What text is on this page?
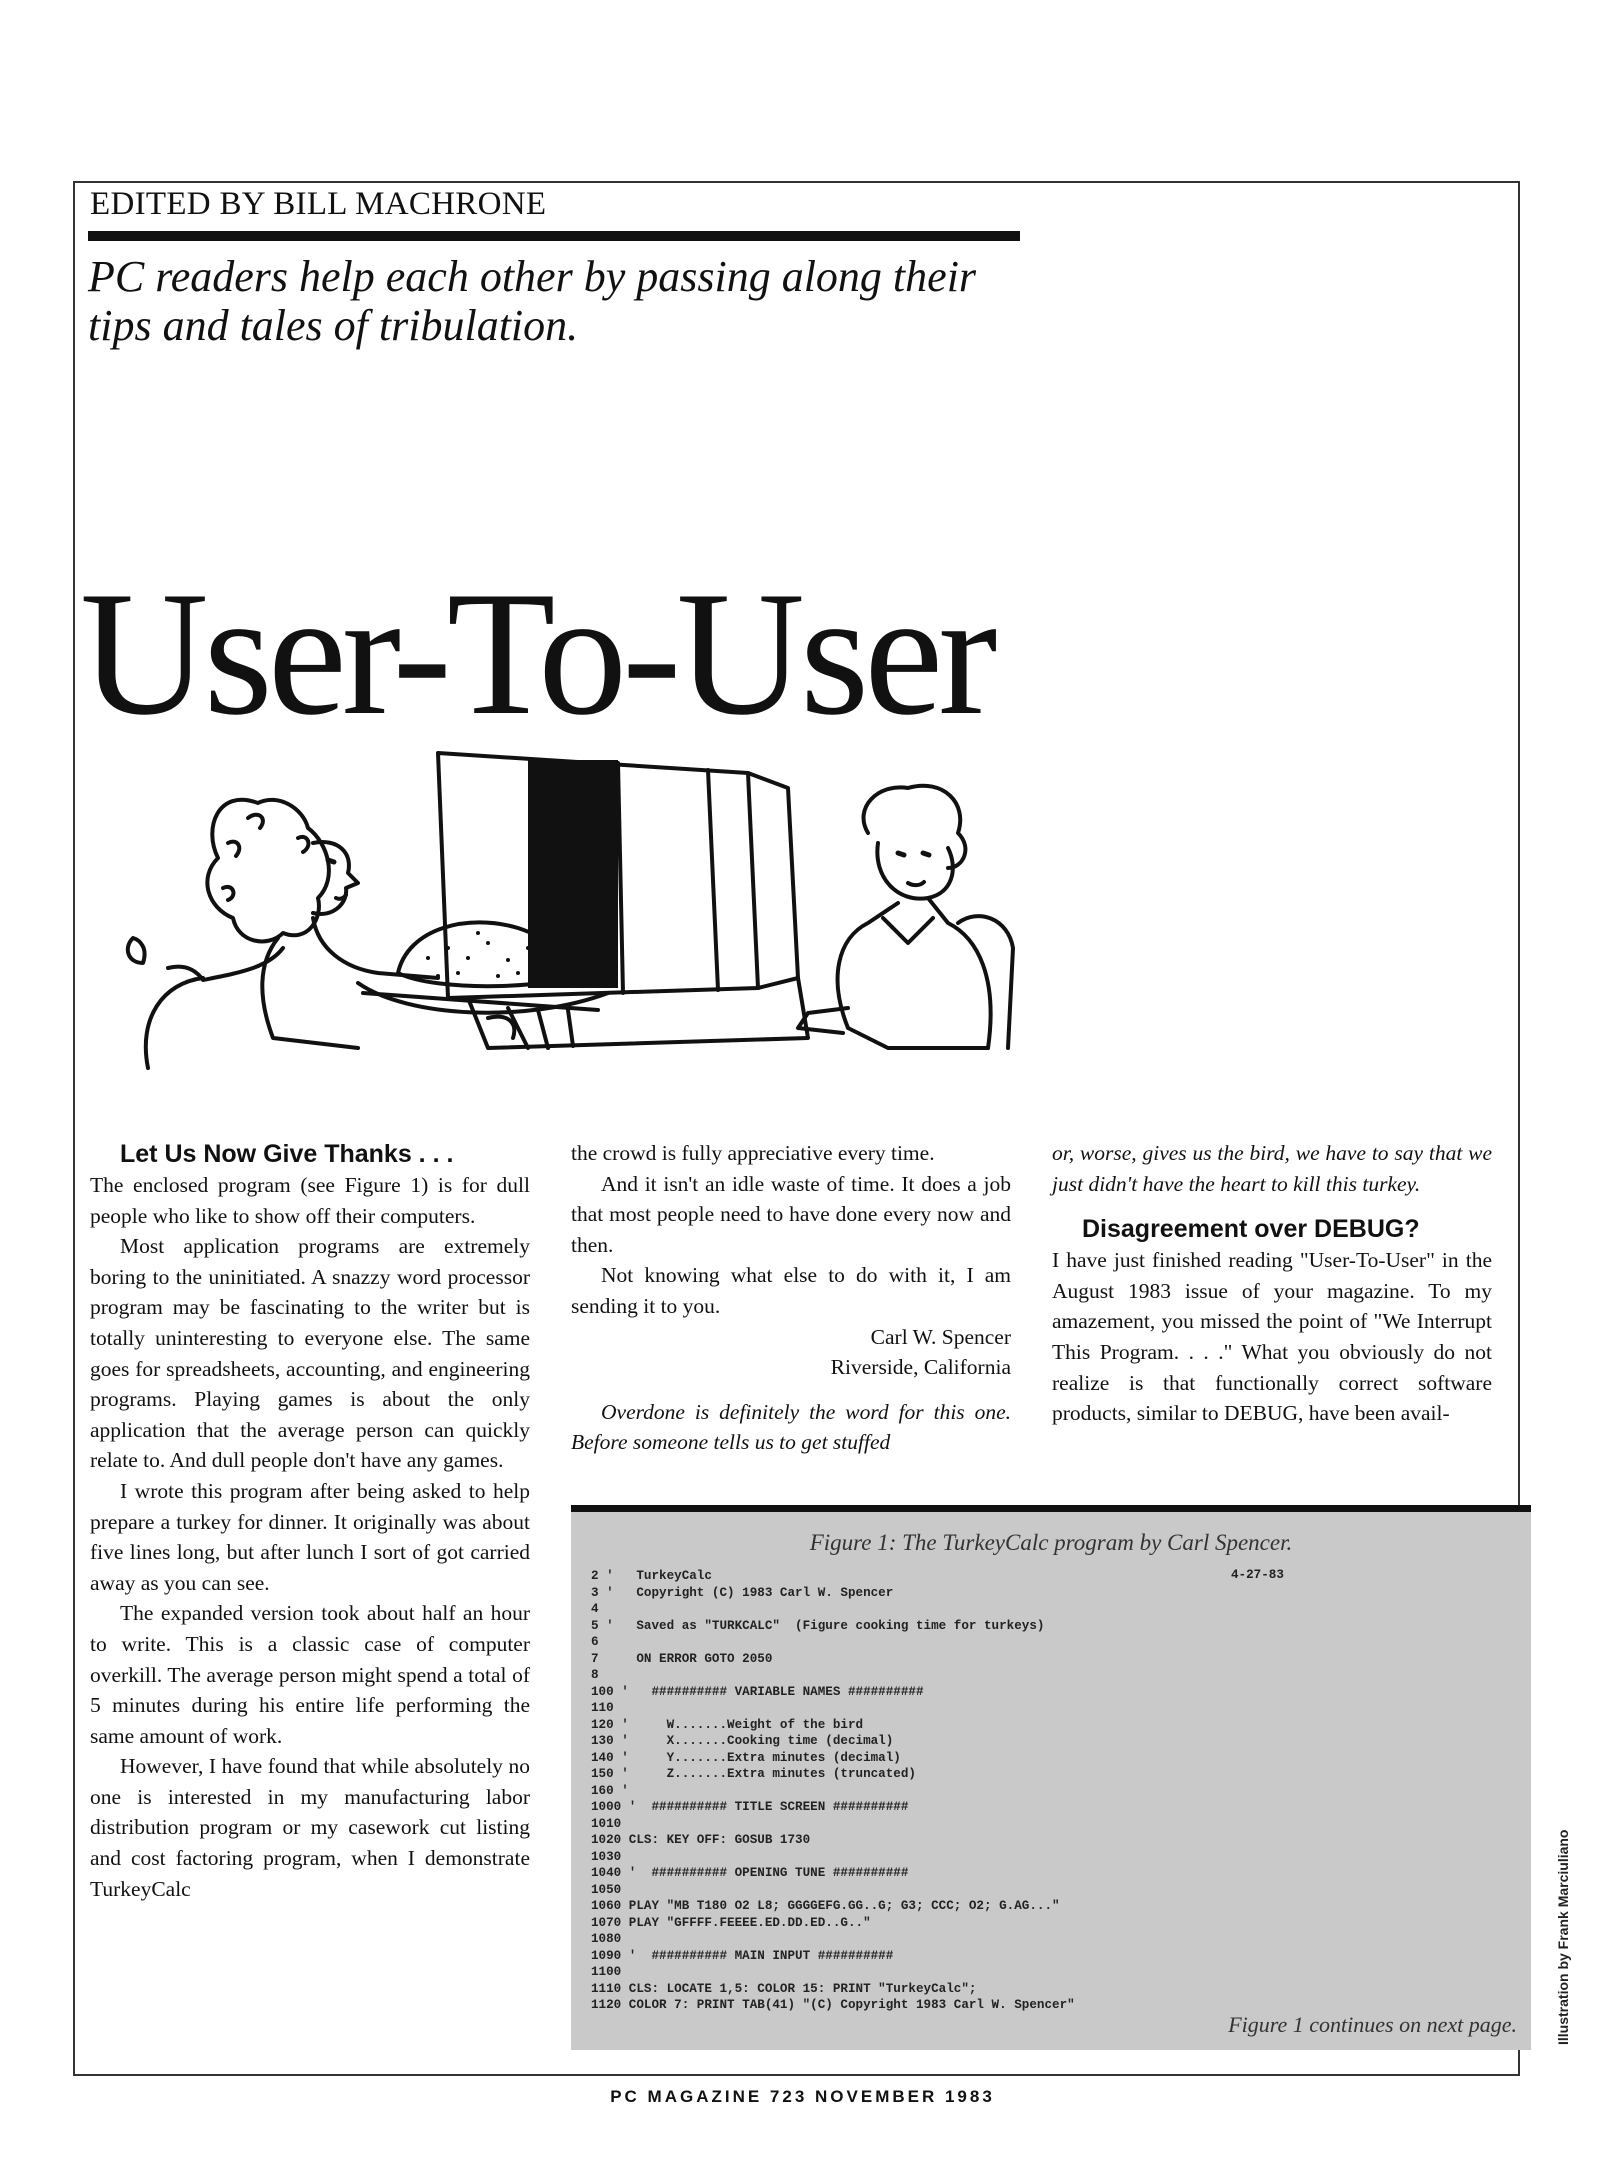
EDITED BY BILL MACHRONE
PC readers help each other by passing along their tips and tales of tribulation.
User-To-User

Let Us Now Give Thanks . . .

The enclosed program (see Figure 1) is for dull people who like to show off their computers.

Most application programs are extremely boring to the uninitiated. A snazzy word processor program may be fascinating to the writer but is totally uninteresting to everyone else. The same goes for spreadsheets, accounting, and engineering programs. Playing games is about the only application that the average person can quickly relate to. And dull people don't have any games.

I wrote this program after being asked to help prepare a turkey for dinner. It originally was about five lines long, but after lunch I sort of got carried away as you can see.

The expanded version took about half an hour to write. This is a classic case of computer overkill. The average person might spend a total of 5 minutes during his entire life performing the same amount of work.

However, I have found that while absolutely no one is interested in my manufacturing labor distribution program or my casework cut listing and cost factoring program, when I demonstrate TurkeyCalc

the crowd is fully appreciative every time.

And it isn't an idle waste of time. It does a job that most people need to have done every now and then.

Not knowing what else to do with it, I am sending it to you.

Carl W. Spencer

Riverside, California

Overdone is definitely the word for this one. Before someone tells us to get stuffed

or, worse, gives us the bird, we have to say that we just didn't have the heart to kill this turkey.

Disagreement over DEBUG?

I have just finished reading "User-To-User" in the August 1983 issue of your magazine. To my amazement, you missed the point of "We Interrupt This Program. . . ." What you obviously do not realize is that functionally correct software products, similar to DEBUG, have been avail-

Figure 1: The TurkeyCalc program by Carl Spencer.
4-27-83
2 '   TurkeyCalc
3 '   Copyright (C) 1983 Carl W. Spencer
4
5 '   Saved as "TURKCALC"  (Figure cooking time for turkeys)
6
7     ON ERROR GOTO 2050
8
100 '   ########## VARIABLE NAMES ##########
110
120 '     W.......Weight of the bird
130 '     X.......Cooking time (decimal)
140 '     Y.......Extra minutes (decimal)
150 '     Z.......Extra minutes (truncated)
160 '
1000 '  ########## TITLE SCREEN ##########
1010
1020 CLS: KEY OFF: GOSUB 1730
1030
1040 '  ########## OPENING TUNE ##########
1050
1060 PLAY "MB T180 O2 L8; GGGGEFG.GG..G; G3; CCC; O2; G.AG..."
1070 PLAY "GFFFF.FEEEE.ED.DD.ED..G.."
1080
1090 '  ########## MAIN INPUT ##########
1100
1110 CLS: LOCATE 1,5: COLOR 15: PRINT "TurkeyCalc";
1120 COLOR 7: PRINT TAB(41) "(C) Copyright 1983 Carl W. Spencer"
Figure 1 continues on next page.	Illustration by Frank Marciuliano
PC MAGAZINE 723 NOVEMBER 1983
